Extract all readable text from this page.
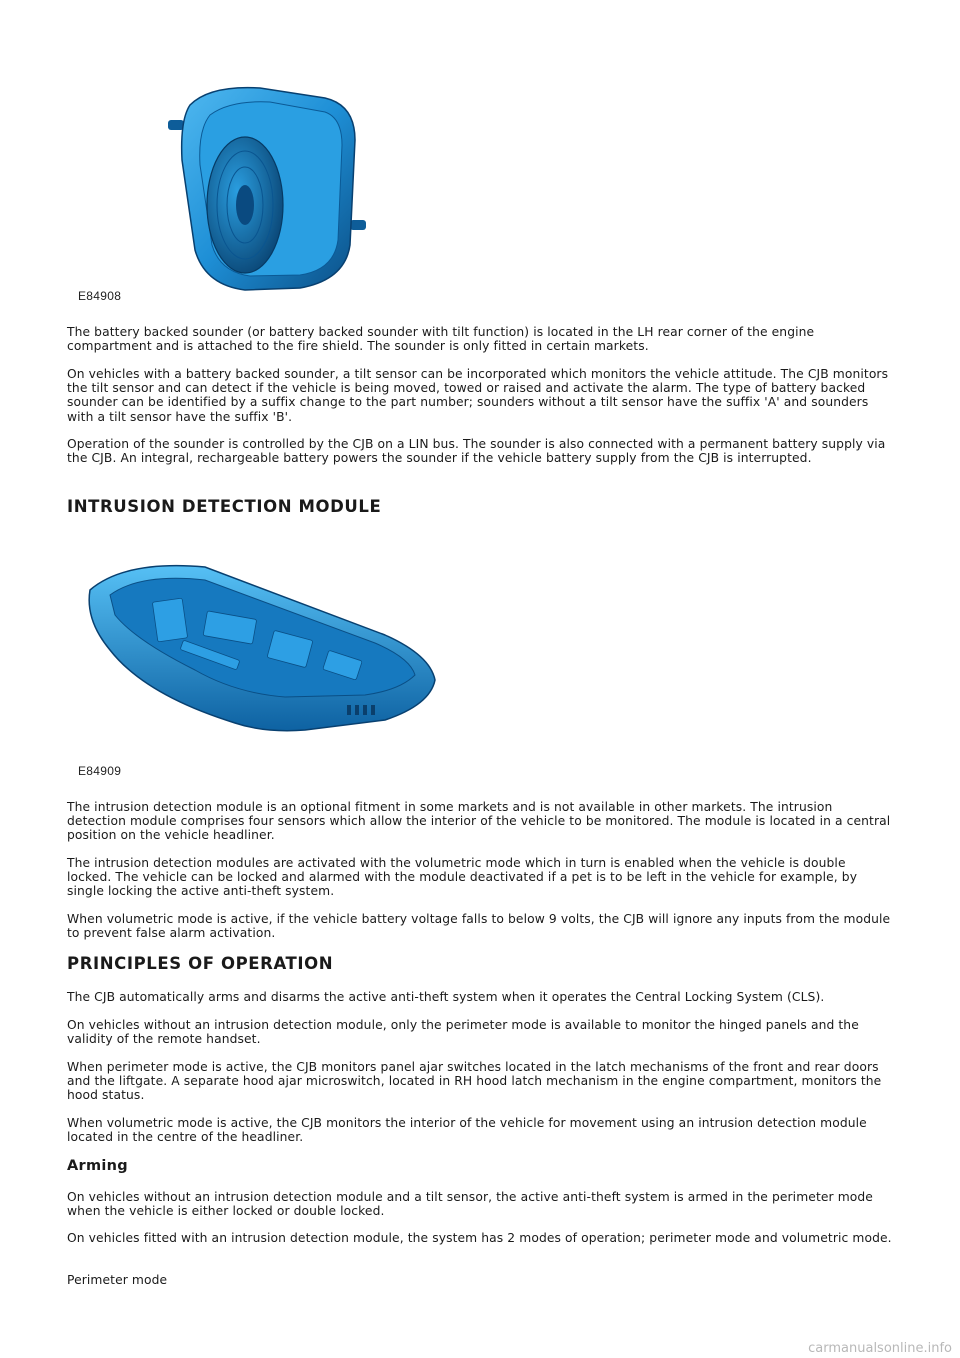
E84908

The battery backed sounder (or battery backed sounder with tilt function) is located in the LH rear corner of the engine compartment and is attached to the fire shield. The sounder is only fitted in certain markets.

On vehicles with a battery backed sounder, a tilt sensor can be incorporated which monitors the vehicle attitude. The CJB monitors the tilt sensor and can detect if the vehicle is being moved, towed or raised and activate the alarm. The type of battery backed sounder can be identified by a suffix change to the part number; sounders without a tilt sensor have the suffix 'A' and sounders with a tilt sensor have the suffix 'B'.

Operation of the sounder is controlled by the CJB on a LIN bus. The sounder is also connected with a permanent battery supply via the CJB. An integral, rechargeable battery powers the sounder if the vehicle battery supply from the CJB is interrupted.

INTRUSION DETECTION MODULE
E84909

The intrusion detection module is an optional fitment in some markets and is not available in other markets. The intrusion detection module comprises four sensors which allow the interior of the vehicle to be monitored. The module is located in a central position on the vehicle headliner.

The intrusion detection modules are activated with the volumetric mode which in turn is enabled when the vehicle is double locked. The vehicle can be locked and alarmed with the module deactivated if a pet is to be left in the vehicle for example, by single locking the active anti-theft system.

When volumetric mode is active, if the vehicle battery voltage falls to below 9 volts, the CJB will ignore any inputs from the module to prevent false alarm activation.

PRINCIPLES OF OPERATION

The CJB automatically arms and disarms the active anti-theft system when it operates the Central Locking System (CLS).

On vehicles without an intrusion detection module, only the perimeter mode is available to monitor the hinged panels and the validity of the remote handset.

When perimeter mode is active, the CJB monitors panel ajar switches located in the latch mechanisms of the front and rear doors and the liftgate. A separate hood ajar microswitch, located in RH hood latch mechanism in the engine compartment, monitors the hood status.

When volumetric mode is active, the CJB monitors the interior of the vehicle for movement using an intrusion detection module located in the centre of the headliner.

Arming

On vehicles without an intrusion detection module and a tilt sensor, the active anti-theft system is armed in the perimeter mode when the vehicle is either locked or double locked.

On vehicles fitted with an intrusion detection module, the system has 2 modes of operation; perimeter mode and volumetric mode.

Perimeter mode

carmanualsonline.info
